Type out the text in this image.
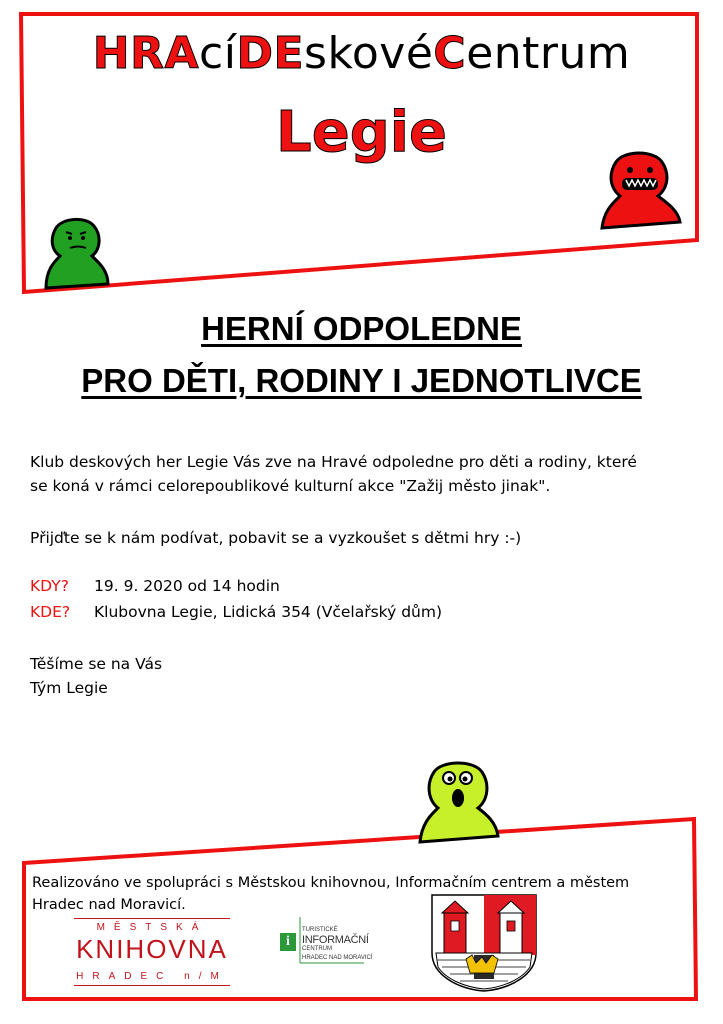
HRAcíDEskovéCentrum
Legie
HERNÍ ODPOLEDNE
PRO DĚTI, RODINY I JEDNOTLIVCE
Klub deskových her Legie Vás zve na Hravé odpoledne pro děti a rodiny, které
se koná v rámci celorepoublikové kulturní akce "Zažij město jinak".
Přijďte se k nám podívat, pobavit se a vyzkoušet s dětmi hry :-)
KDY? 19. 9. 2020 od 14 hodin
KDE? Klubovna Legie, Lidická 354 (Včelařský dům)
Těšíme se na Vás
Tým Legie
Realizováno ve spolupráci s Městskou knihovnou, Informačním centrem a městem
Hradec nad Moravicí.
MĚSTSKÁ
KNIHOVNA
HRADEC n/M
i
TURISTICKÉ
INFORMAČNÍ
CENTRUM
HRADEC NAD MORAVICÍ
